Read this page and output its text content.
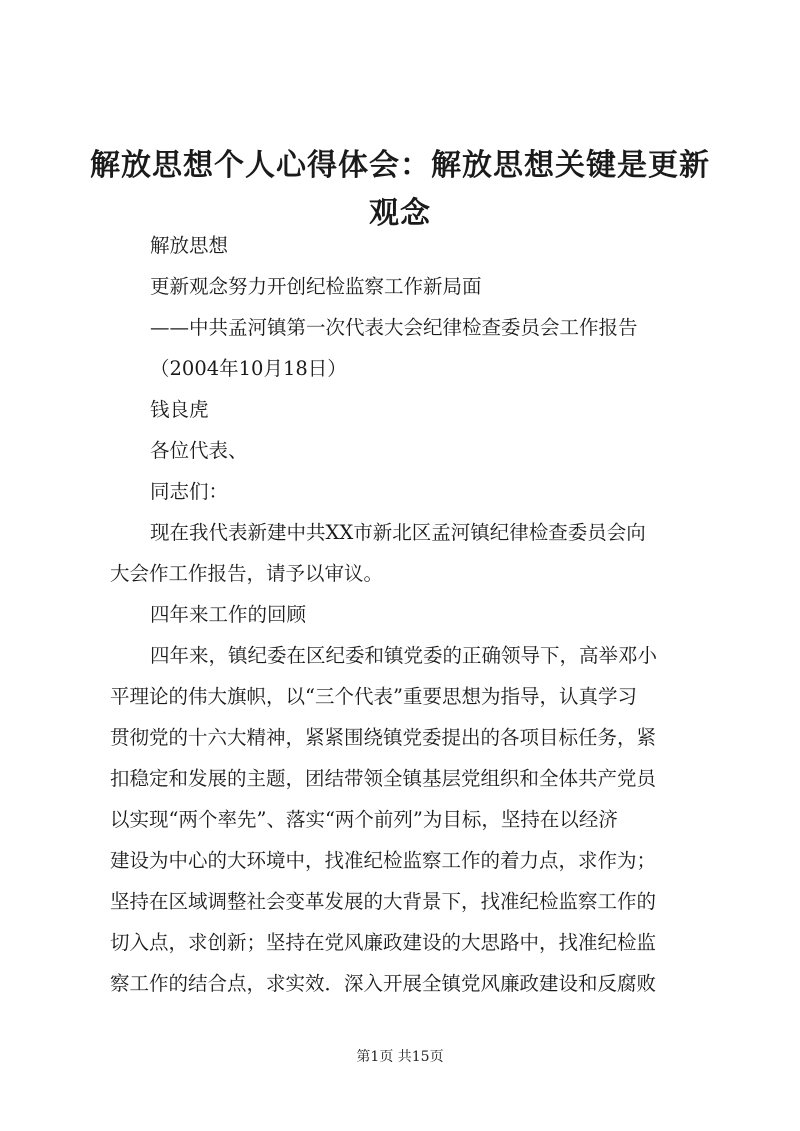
解放思想个人心得体会：解放思想关键是更新观念

解放思想

更新观念努力开创纪检监察工作新局面

——中共孟河镇第一次代表大会纪律检查委员会工作报告

（2004年10月18日）

钱良虎

各位代表、

同志们：

现在我代表新建中共XX市新北区孟河镇纪律检查委员会向

大会作工作报告，请予以审议。

四年来工作的回顾

四年来，镇纪委在区纪委和镇党委的正确领导下，高举邓小

平理论的伟大旗帜，以“三个代表”重要思想为指导，认真学习

贯彻党的十六大精神，紧紧围绕镇党委提出的各项目标任务，紧

扣稳定和发展的主题，团结带领全镇基层党组织和全体共产党员

以实现“两个率先”、落实“两个前列”为目标，坚持在以经济

建设为中心的大环境中，找准纪检监察工作的着力点，求作为；

坚持在区域调整社会变革发展的大背景下，找准纪检监察工作的

切入点，求创新；坚持在党风廉政建设的大思路中，找准纪检监

察工作的结合点，求实效．深入开展全镇党风廉政建设和反腐败

第1页 共15页
